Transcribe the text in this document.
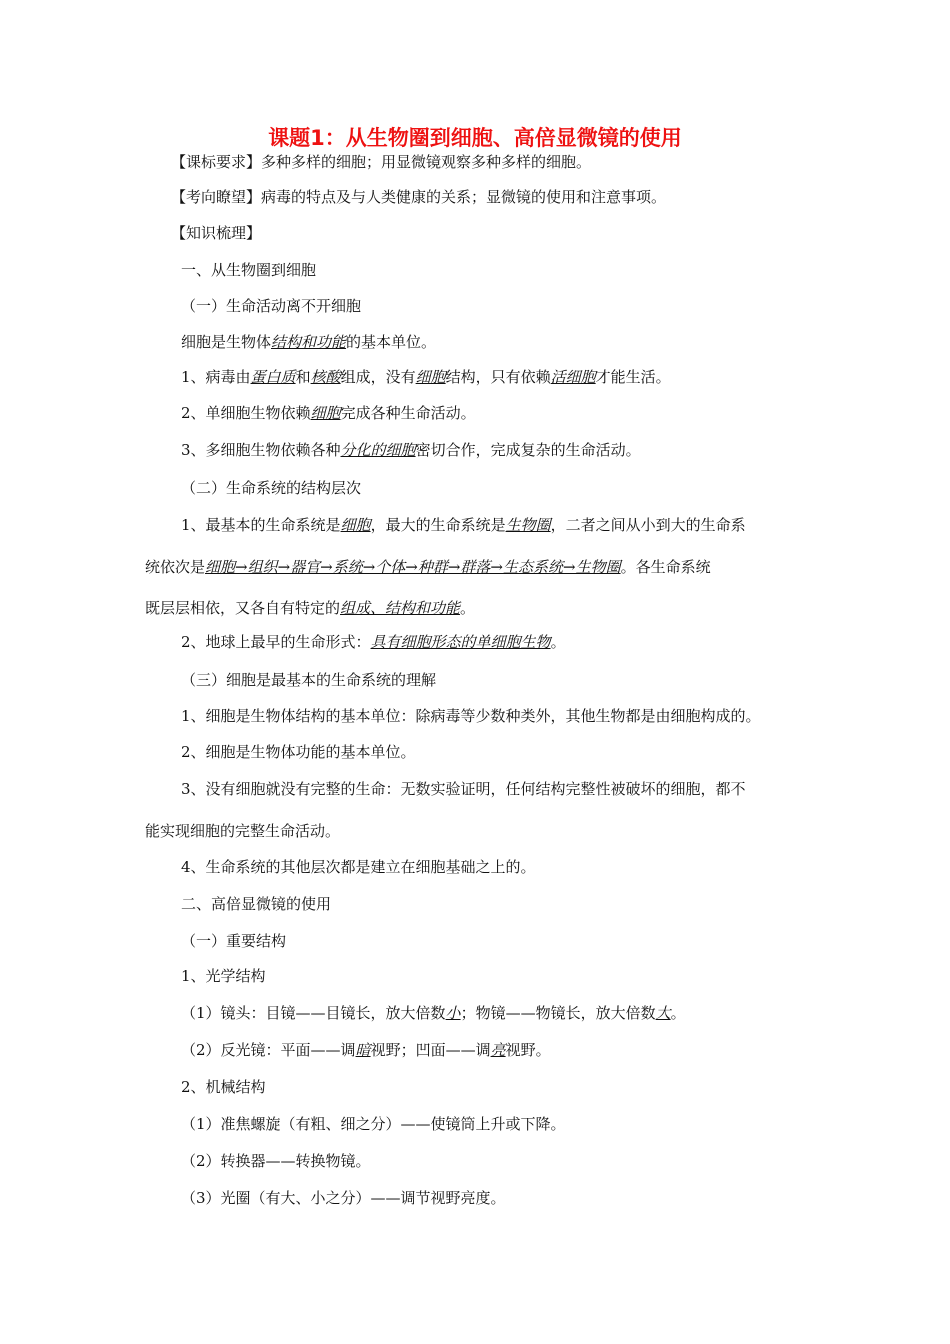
课题1：从生物圈到细胞、高倍显微镜的使用

【课标要求】多种多样的细胞；用显微镜观察多种多样的细胞。

【考向瞭望】病毒的特点及与人类健康的关系；显微镜的使用和注意事项。

【知识梳理】

一、从生物圈到细胞

（一）生命活动离不开细胞

细胞是生物体结构和功能的基本单位。

1、病毒由蛋白质和核酸组成，没有细胞结构，只有依赖活细胞才能生活。

2、单细胞生物依赖细胞完成各种生命活动。

3、多细胞生物依赖各种分化的细胞密切合作，完成复杂的生命活动。

（二）生命系统的结构层次

1、最基本的生命系统是细胞，最大的生命系统是生物圈，二者之间从小到大的生命系

统依次是细胞→组织→器官→系统→个体→种群→群落→生态系统→生物圈。各生命系统

既层层相依，又各自有特定的组成、结构和功能。

2、地球上最早的生命形式：具有细胞形态的单细胞生物。

（三）细胞是最基本的生命系统的理解

1、细胞是生物体结构的基本单位：除病毒等少数种类外，其他生物都是由细胞构成的。

2、细胞是生物体功能的基本单位。

3、没有细胞就没有完整的生命：无数实验证明，任何结构完整性被破坏的细胞，都不

能实现细胞的完整生命活动。

4、生命系统的其他层次都是建立在细胞基础之上的。

二、高倍显微镜的使用

（一）重要结构

1、光学结构

（1）镜头：目镜——目镜长，放大倍数小；物镜——物镜长，放大倍数大。

（2）反光镜：平面——调暗视野；凹面——调亮视野。

2、机械结构

（1）准焦螺旋（有粗、细之分）——使镜筒上升或下降。

（2）转换器——转换物镜。

（3）光圈（有大、小之分）——调节视野亮度。
